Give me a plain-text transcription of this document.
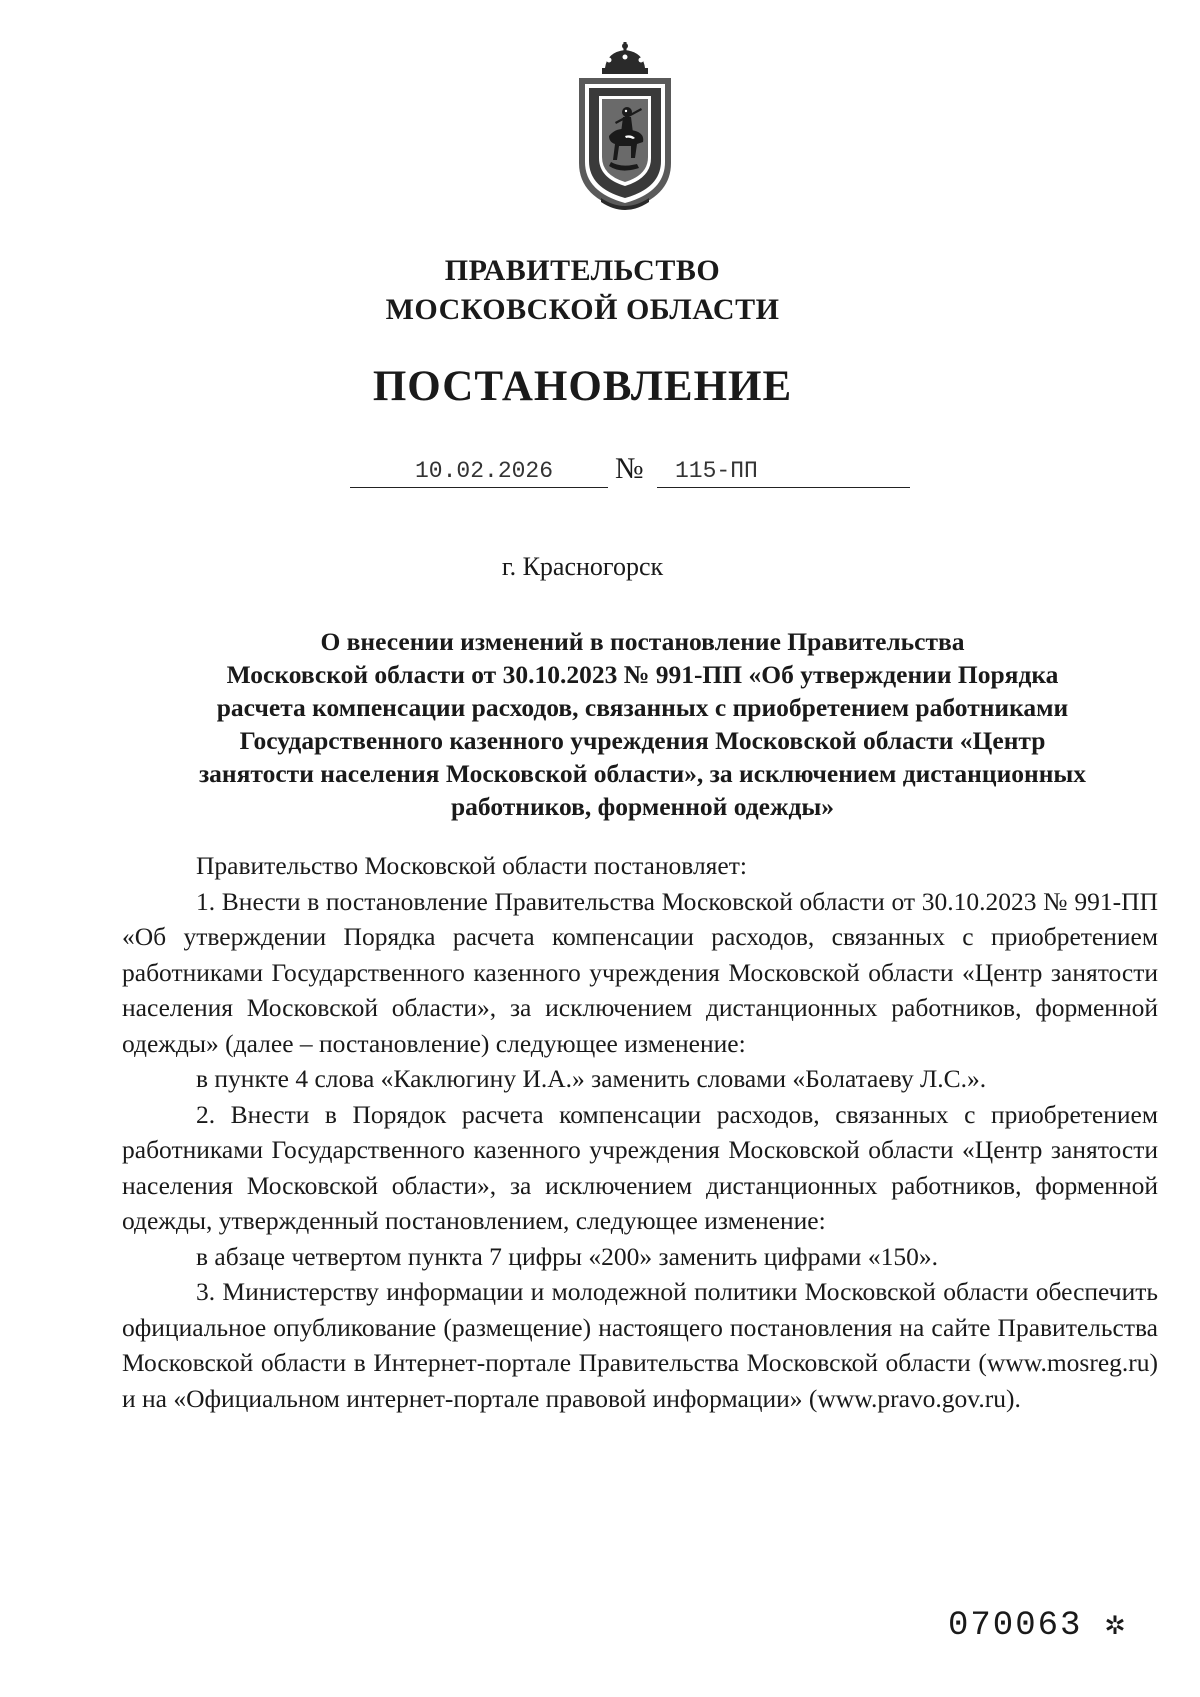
ПРАВИТЕЛЬСТВО
МОСКОВСКОЙ ОБЛАСТИ
ПОСТАНОВЛЕНИЕ
10.02.2026 № 115-ПП
г. Красногорск
О внесении изменений в постановление Правительства
Московской области от 30.10.2023 № 991-ПП «Об утверждении Порядка
расчета компенсации расходов, связанных с приобретением работниками
Государственного казенного учреждения Московской области «Центр
занятости населения Московской области», за исключением дистанционных
работников, форменной одежды»

Правительство Московской области постановляет:

1. Внести в постановление Правительства Московской области от 30.10.2023 № 991-ПП «Об утверждении Порядка расчета компенсации расходов, связанных с приобретением работниками Государственного казенного учреждения Московской области «Центр занятости населения Московской области», за исключением дистанционных работников, форменной одежды» (далее – постановление) следующее изменение:

в пункте 4 слова «Каклюгину И.А.» заменить словами «Болатаеву Л.С.».

2. Внести в Порядок расчета компенсации расходов, связанных с приобретением работниками Государственного казенного учреждения Московской области «Центр занятости населения Московской области», за исключением дистанционных работников, форменной одежды, утвержденный постановлением, следующее изменение:

в абзаце четвертом пункта 7 цифры «200» заменить цифрами «150».

3. Министерству информации и молодежной политики Московской области обеспечить официальное опубликование (размещение) настоящего постановления на сайте Правительства Московской области в Интернет-портале Правительства Московской области (www.mosreg.ru) и на «Официальном интернет-портале правовой информации» (www.pravo.gov.ru).

070063 ✲
